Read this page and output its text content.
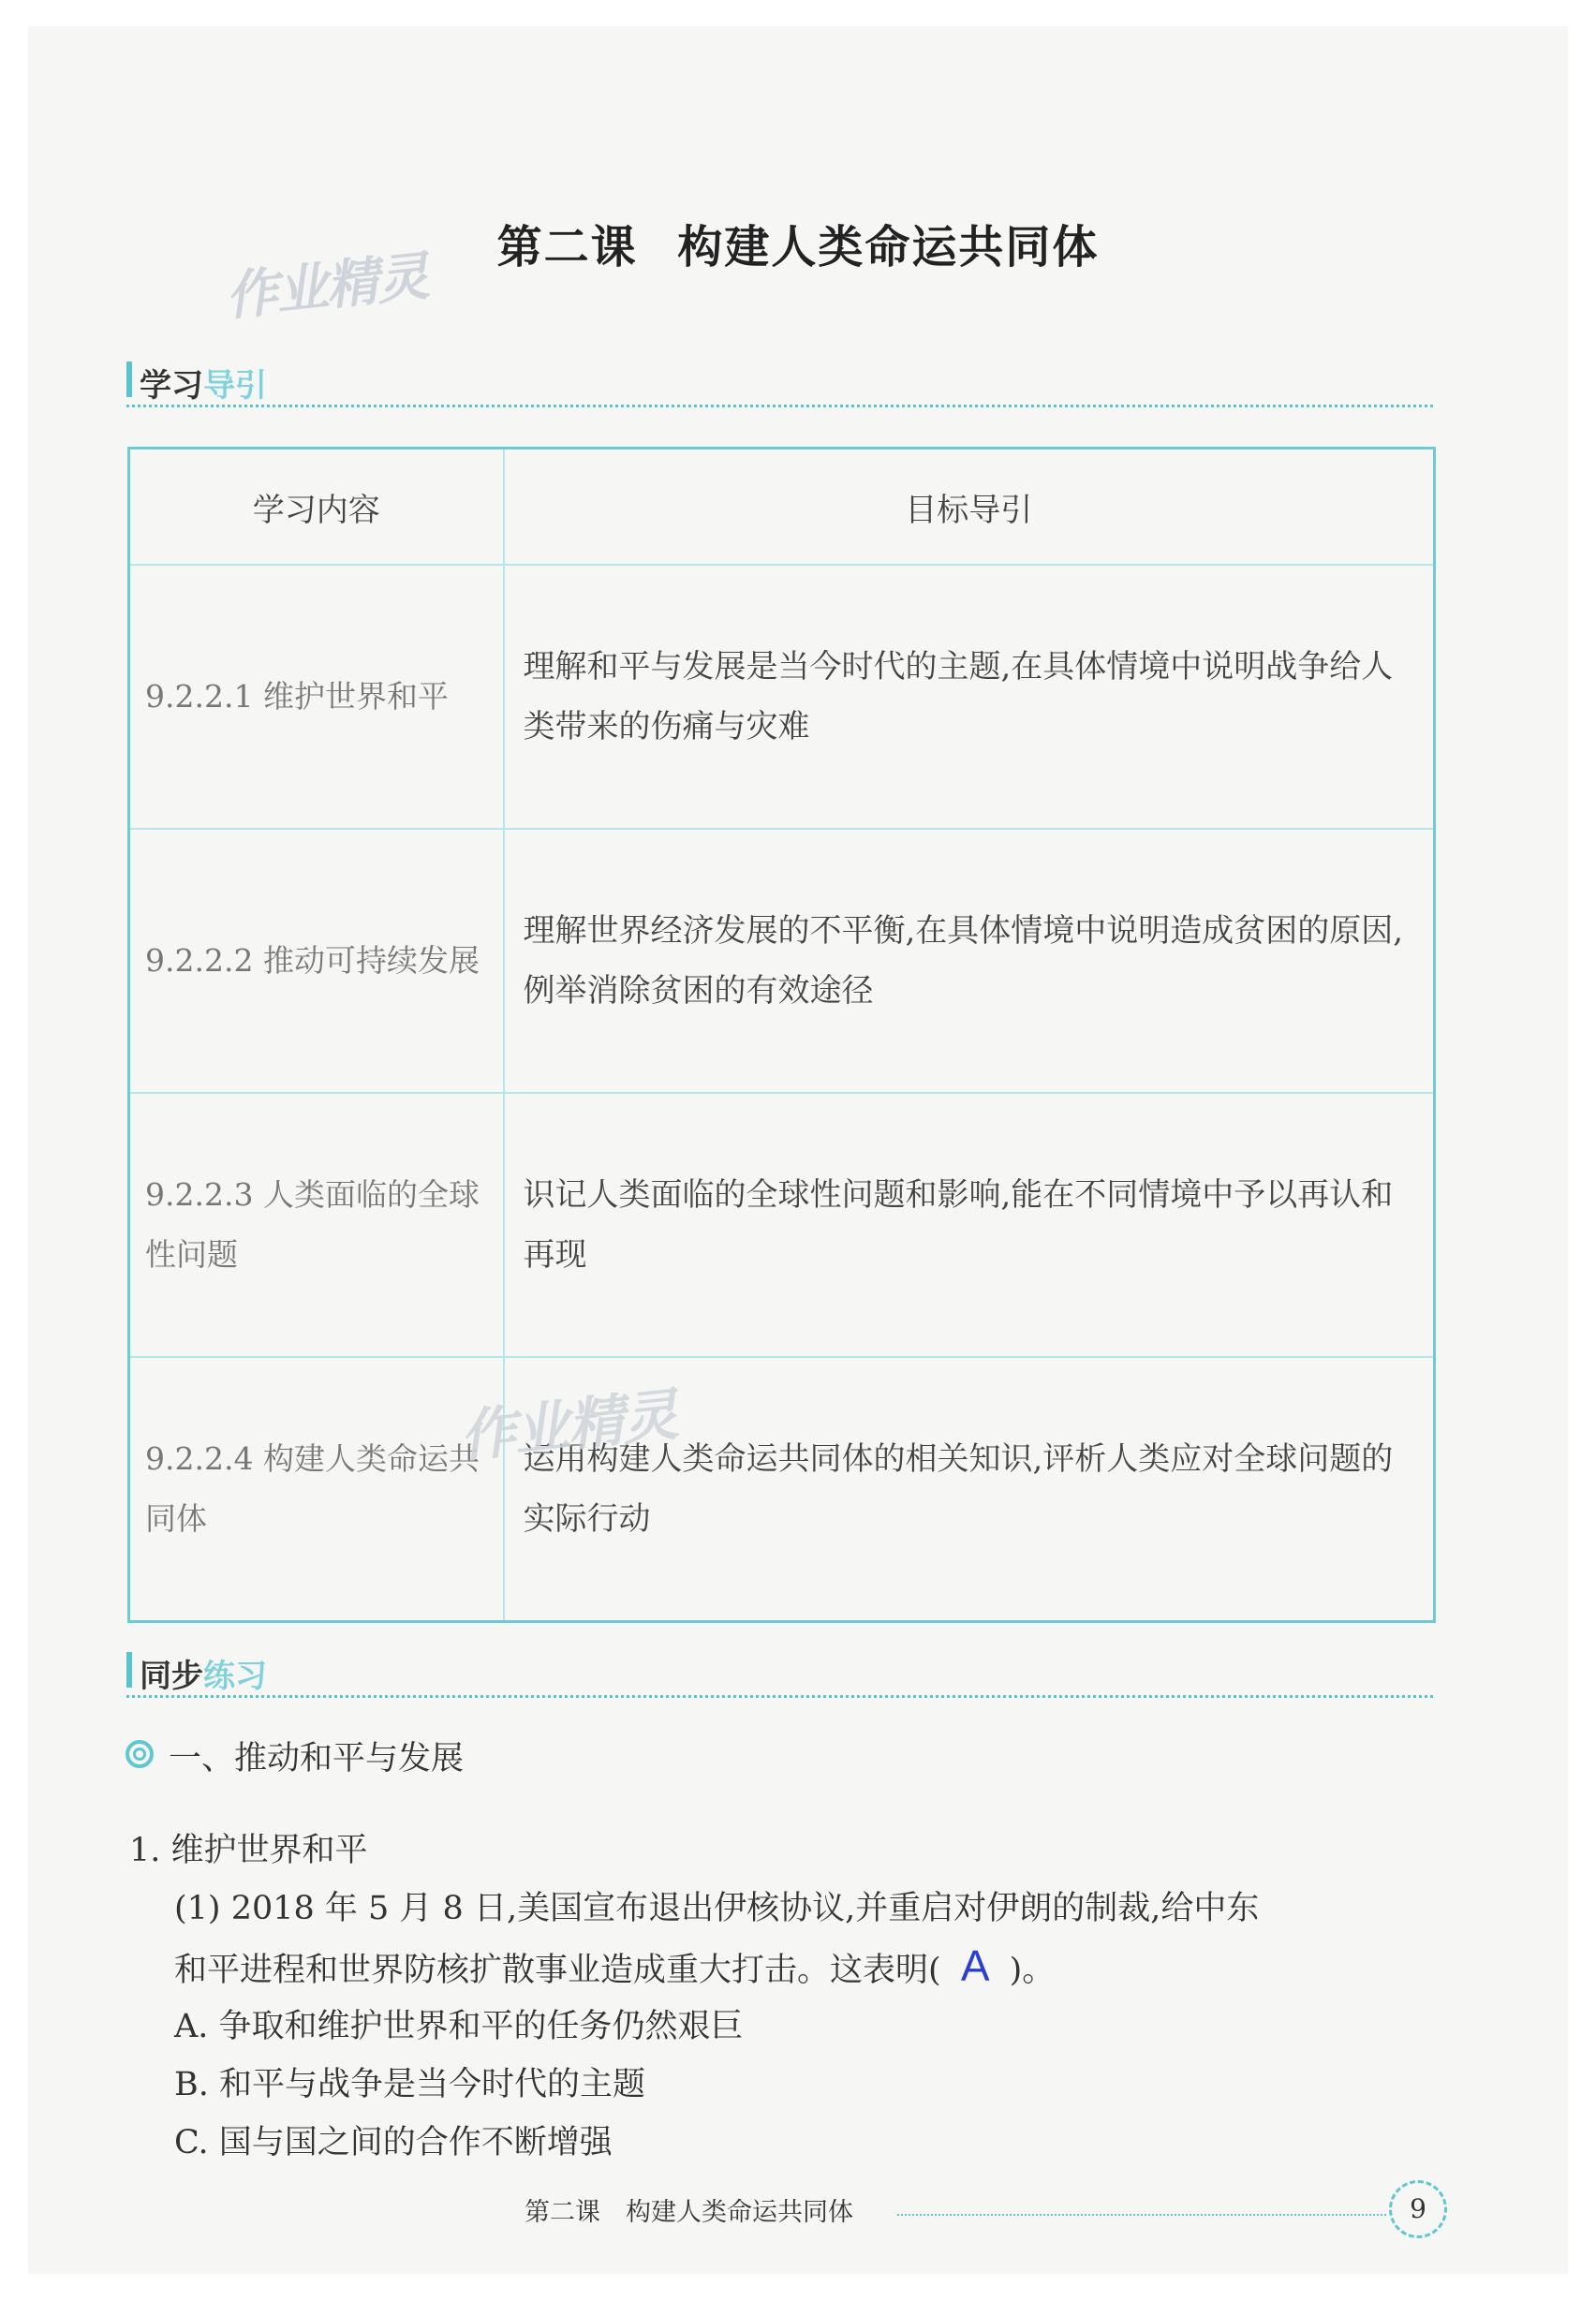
第二课 构建人类命运共同体
作业精灵
学习 导引
学习内容	目标导引
9.2.2.1 维护世界和平	理解和平与发展是当今时代的主题,在具体情境中说明战争给人类带来的伤痛与灾难
9.2.2.2 推动可持续发展	理解世界经济发展的不平衡,在具体情境中说明造成贫困的原因,例举消除贫困的有效途径
9.2.2.3 人类面临的全球性问题	识记人类面临的全球性问题和影响,能在不同情境中予以再认和再现
9.2.2.4 构建人类命运共同体	运用构建人类命运共同体的相关知识,评析人类应对全球问题的实际行动
作业精灵
同步 练习
一、推动和平与发展
1. 维护世界和平
(1) 2018 年 5 月 8 日,美国宣布退出伊核协议,并重启对伊朗的制裁,给中东
和平进程和世界防核扩散事业造成重大打击。这表明( A )。
A. 争取和维护世界和平的任务仍然艰巨
B. 和平与战争是当今时代的主题
C. 国与国之间的合作不断增强
第二课　构建人类命运共同体	9
